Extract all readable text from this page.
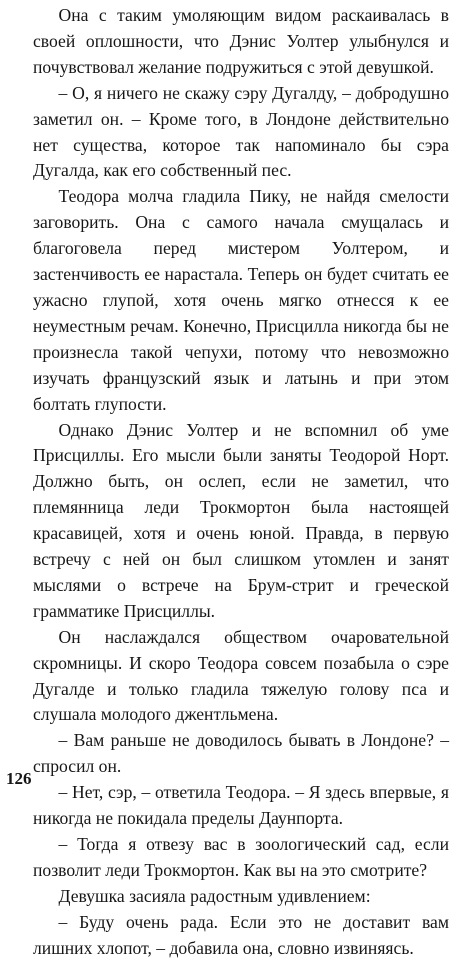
Она с таким умоляющим видом раскаивалась в своей оплошности, что Дэнис Уолтер улыбнулся и почувствовал желание подружиться с этой девушкой.

– О, я ничего не скажу сэру Дугалду, – добродушно заметил он. – Кроме того, в Лондоне действительно нет существа, которое так напоминало бы сэра Дугалда, как его собственный пес.

Теодора молча гладила Пику, не найдя смелости заговорить. Она с самого начала смущалась и благоговела перед мистером Уолтером, и застенчивость ее нарастала. Теперь он будет считать ее ужасно глупой, хотя очень мягко отнесся к ее неуместным речам. Конечно, Присцилла никогда бы не произнесла такой чепухи, потому что невозможно изучать французский язык и латынь и при этом болтать глупости.

Однако Дэнис Уолтер и не вспомнил об уме Присциллы. Его мысли были заняты Теодорой Норт. Должно быть, он ослеп, если не заметил, что племянница леди Трокмортон была настоящей красавицей, хотя и очень юной. Правда, в первую встречу с ней он был слишком утомлен и занят мыслями о встрече на Брум-стрит и греческой грамматике Присциллы.

Он наслаждался обществом очаровательной скромницы. И скоро Теодора совсем позабыла о сэре Дугалде и только гладила тяжелую голову пса и слушала молодого джентльмена.

– Вам раньше не доводилось бывать в Лондоне? – спросил он.

– Нет, сэр, – ответила Теодора. – Я здесь впервые, я никогда не покидала пределы Даунпорта.

– Тогда я отвезу вас в зоологический сад, если позволит леди Трокмортон. Как вы на это смотрите?

Девушка засияла радостным удивлением:

– Буду очень рада. Если это не доставит вам лишних хлопот, – добавила она, словно извиняясь.

126
